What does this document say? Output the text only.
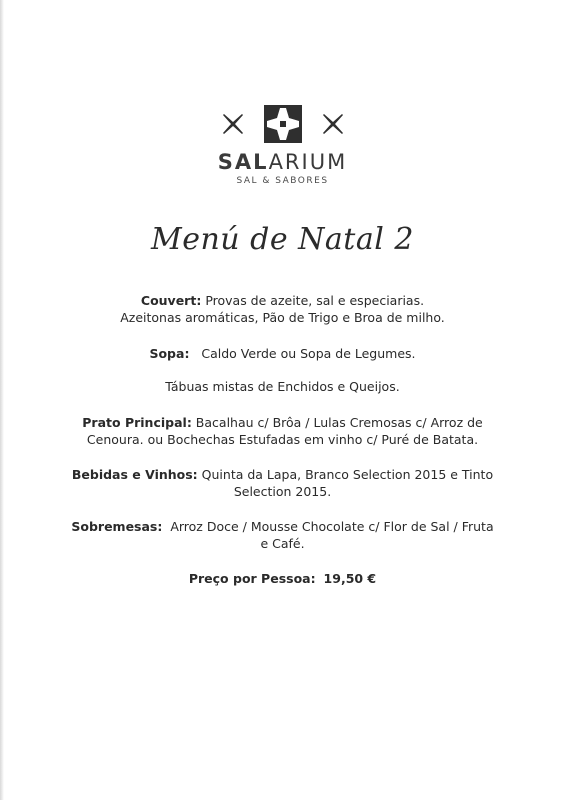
SALARIUM
SAL & SABORES
Menú de Natal 2
Couvert: Provas de azeite, sal e especiarias.
Azeitonas aromáticas, Pão de Trigo e Broa de milho.
Sopa: Caldo Verde ou Sopa de Legumes.
Tábuas mistas de Enchidos e Queijos.
Prato Principal: Bacalhau c/ Brôa / Lulas Cremosas c/ Arroz de
Cenoura. ou Bochechas Estufadas em vinho c/ Puré de Batata.
Bebidas e Vinhos: Quinta da Lapa, Branco Selection 2015 e Tinto
Selection 2015.
Sobremesas: Arroz Doce / Mousse Chocolate c/ Flor de Sal / Fruta
e Café.
Preço por Pessoa: 19,50 €
